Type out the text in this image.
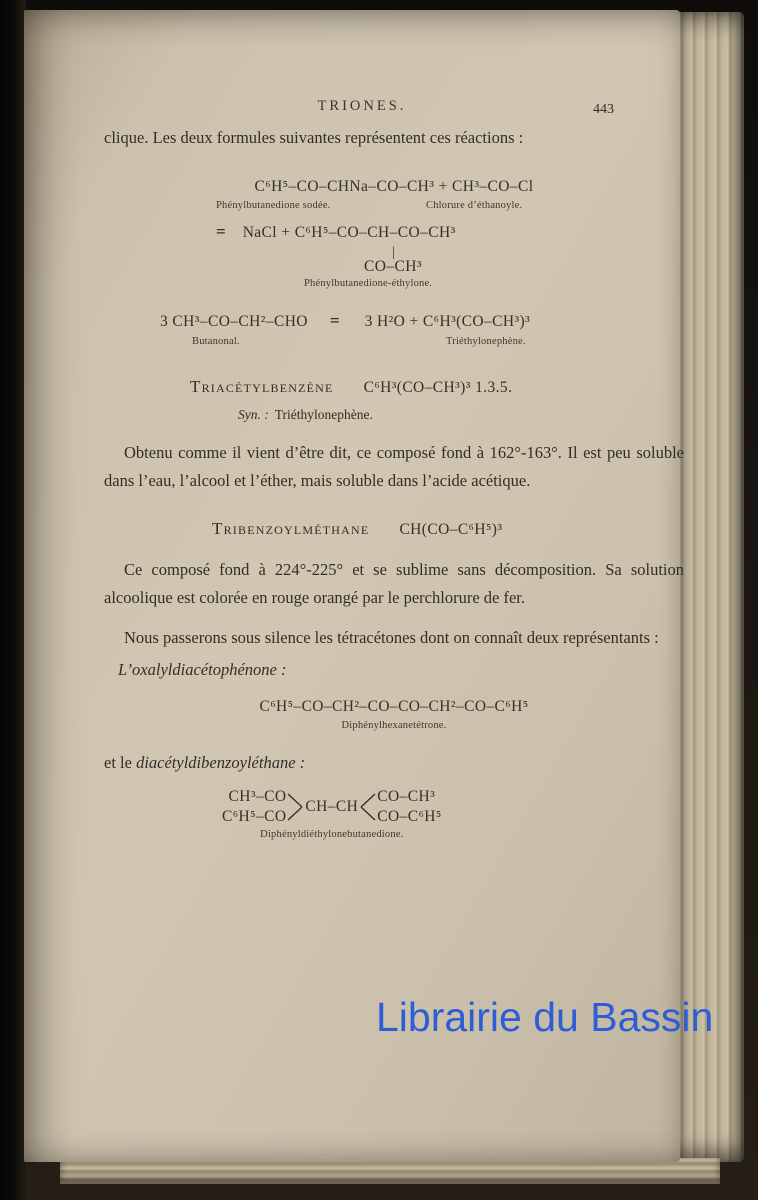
TRIONES.	443
clique. Les deux formules suivantes représentent ces réactions :
C⁶H⁵–CO–CHNa–CO–CH³ + CH³–CO–Cl
Phénylbutanedione sodée.	Chlorure d’éthanoyle.
= NaCl + C⁶H⁵–CO–CH–CO–CH³
|
CO–CH³
Phénylbutanedione-éthylone.
3 CH³–CO–CH²–CHO = 3 H²O + C⁶H³(CO–CH³)³
Butanonal.	Triéthylonephène.
Triacétylbenzène C⁶H³(CO–CH³)³ 1.3.5.
Syn. : Triéthylonephène.
Obtenu comme il vient d’être dit, ce composé fond à 162°-163°. Il est peu soluble dans l’eau, l’alcool et l’éther, mais soluble dans l’acide acétique.
Tribenzoylméthane CH(CO–C⁶H⁵)³
Ce composé fond à 224°-225° et se sublime sans décomposition. Sa solution alcoolique est colorée en rouge orangé par le perchlorure de fer.
Nous passerons sous silence les tétracétones dont on connaît deux représentants :
L’oxalyldiacétophénone :
C⁶H⁵–CO–CH²–CO–CO–CH²–CO–C⁶H⁵
Diphénylhexanetétrone.
et le diacétyldibenzoyléthane :
CH³–CO
C⁶H⁵–CO
CH–CH
CO–CH³
CO–C⁶H⁵
Diphényldiéthylonebutanedione.
Librairie du Bassin
